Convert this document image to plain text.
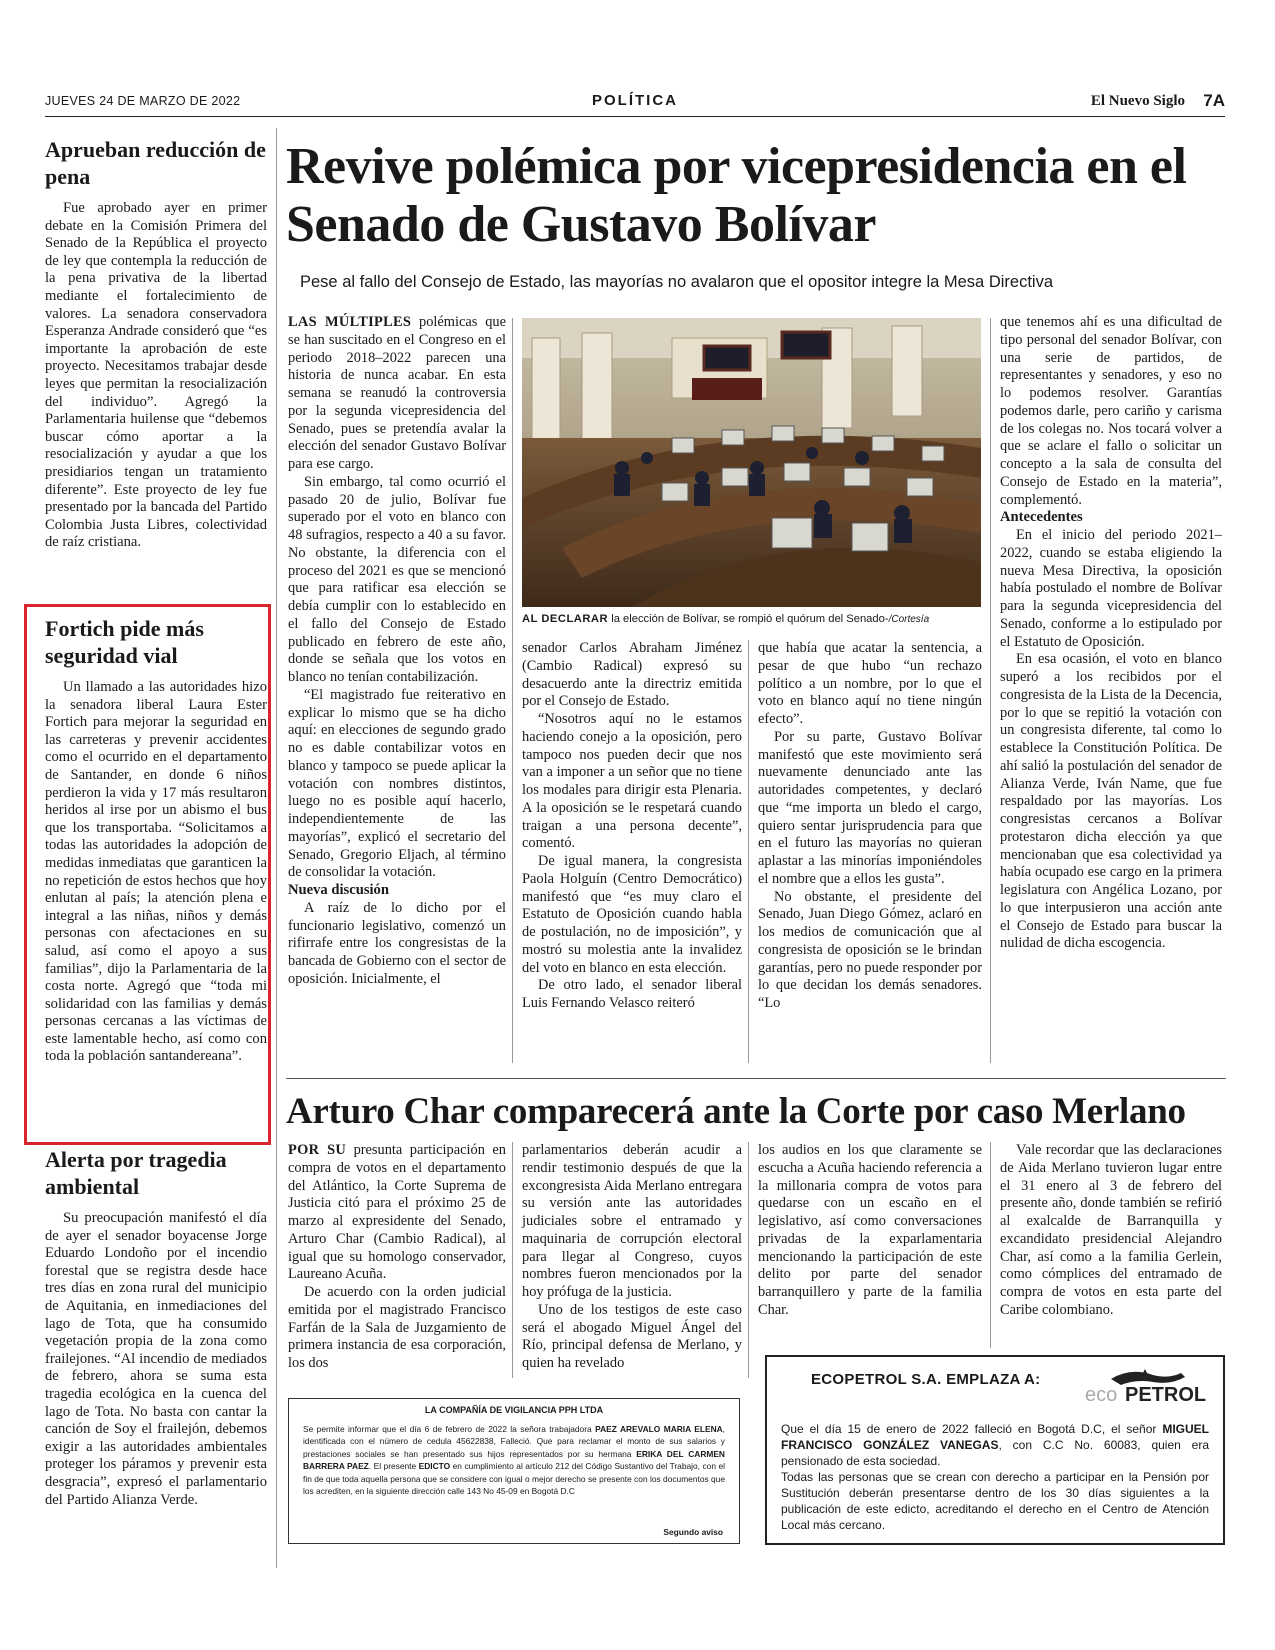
JUEVES 24 DE MARZO DE 2022	POLÍTICA	El Nuevo Siglo 7A
Aprueban reducción de pena

Fue aprobado ayer en primer debate en la Comisión Primera del Senado de la República el proyecto de ley que contempla la reducción de la pena privativa de la libertad mediante el fortalecimiento de valores. La senadora conservadora Esperanza Andrade consideró que “es importante la aprobación de este proyecto. Necesitamos trabajar desde leyes que permitan la resocialización del individuo”. Agregó la Parlamentaria huilense que “debemos buscar cómo aportar a la resocialización y ayudar a que los presidiarios tengan un tratamiento diferente”. Este proyecto de ley fue presentado por la bancada del Partido Colombia Justa Libres, colectividad de raíz cristiana.

Fortich pide más seguridad vial

Un llamado a las autoridades hizo la senadora liberal Laura Ester Fortich para mejorar la seguridad en las carreteras y prevenir accidentes como el ocurrido en el departamento de Santander, en donde 6 niños perdieron la vida y 17 más resultaron heridos al irse por un abismo el bus que los transportaba. “Solicitamos a todas las autoridades la adopción de medidas inmediatas que garanticen la no repetición de estos hechos que hoy enlutan al país; la atención plena e integral a las niñas, niños y demás personas con afectaciones en su salud, así como el apoyo a sus familias”, dijo la Parlamentaria de la costa norte. Agregó que “toda mi solidaridad con las familias y demás personas cercanas a las víctimas de este lamentable hecho, así como con toda la población santandereana”.

Alerta por tragedia ambiental

Su preocupación manifestó el día de ayer el senador boyacense Jorge Eduardo Londoño por el incendio forestal que se registra desde hace tres días en zona rural del municipio de Aquitania, en inmediaciones del lago de Tota, que ha consumido vegetación propia de la zona como frailejones. “Al incendio de mediados de febrero, ahora se suma esta tragedia ecológica en la cuenca del lago de Tota. No basta con cantar la canción de Soy el frailejón, debemos exigir a las autoridades ambientales proteger los páramos y prevenir esta desgracia”, expresó el parlamentario del Partido Alianza Verde.

Revive polémica por vicepresidencia en el Senado de Gustavo Bolívar

Pese al fallo del Consejo de Estado, las mayorías no avalaron que el opositor integre la Mesa Directiva

LAS MÚLTIPLES polémicas que se han suscitado en el Congreso en el periodo 2018–2022 parecen una historia de nunca acabar. En esta semana se reanudó la controversia por la segunda vicepresidencia del Senado, pues se pretendía avalar la elección del senador Gustavo Bolívar para ese cargo.

Sin embargo, tal como ocurrió el pasado 20 de julio, Bolívar fue superado por el voto en blanco con 48 sufragios, respecto a 40 a su favor. No obstante, la diferencia con el proceso del 2021 es que se mencionó que para ratificar esa elección se debía cumplir con lo establecido en el fallo del Consejo de Estado publicado en febrero de este año, donde se señala que los votos en blanco no tenían contabilización.

“El magistrado fue reiterativo en explicar lo mismo que se ha dicho aquí: en elecciones de segundo grado no es dable contabilizar votos en blanco y tampoco se puede aplicar la votación con nombres distintos, luego no es posible aquí hacerlo, independientemente de las mayorías”, explicó el secretario del Senado, Gregorio Eljach, al término de consolidar la votación.

Nueva discusión

A raíz de lo dicho por el funcionario legislativo, comenzó un rifirrafe entre los congresistas de la bancada de Gobierno con el sector de oposición. Inicialmente, el

AL DECLARAR la elección de Bolívar, se rompió el quórum del Senado-/Cortesía

senador Carlos Abraham Jiménez (Cambio Radical) expresó su desacuerdo ante la directriz emitida por el Consejo de Estado.

“Nosotros aquí no le estamos haciendo conejo a la oposición, pero tampoco nos pueden decir que nos van a imponer a un señor que no tiene los modales para dirigir esta Plenaria. A la oposición se le respetará cuando traigan a una persona decente”, comentó.

De igual manera, la congresista Paola Holguín (Centro Democrático) manifestó que “es muy claro el Estatuto de Oposición cuando habla de postulación, no de imposición”, y mostró su molestia ante la invalidez del voto en blanco en esta elección.

De otro lado, el senador liberal Luis Fernando Velasco reiteró

que había que acatar la sentencia, a pesar de que hubo “un rechazo político a un nombre, por lo que el voto en blanco aquí no tiene ningún efecto”.

Por su parte, Gustavo Bolívar manifestó que este movimiento será nuevamente denunciado ante las autoridades competentes, y declaró que “me importa un bledo el cargo, quiero sentar jurisprudencia para que en el futuro las mayorías no quieran aplastar a las minorías imponiéndoles el nombre que a ellos les gusta”.

No obstante, el presidente del Senado, Juan Diego Gómez, aclaró en los medios de comunicación que al congresista de oposición se le brindan garantías, pero no puede responder por lo que decidan los demás senadores. “Lo

que tenemos ahí es una dificultad de tipo personal del senador Bolívar, con una serie de partidos, de representantes y senadores, y eso no lo podemos resolver. Garantías podemos darle, pero cariño y carisma de los colegas no. Nos tocará volver a que se aclare el fallo o solicitar un concepto a la sala de consulta del Consejo de Estado en la materia”, complementó.

Antecedentes

En el inicio del periodo 2021–2022, cuando se estaba eligiendo la nueva Mesa Directiva, la oposición había postulado el nombre de Bolívar para la segunda vicepresidencia del Senado, conforme a lo estipulado por el Estatuto de Oposición.

En esa ocasión, el voto en blanco superó a los recibidos por el congresista de la Lista de la Decencia, por lo que se repitió la votación con un congresista diferente, tal como lo establece la Constitución Política. De ahí salió la postulación del senador de Alianza Verde, Iván Name, que fue respaldado por las mayorías. Los congresistas cercanos a Bolívar protestaron dicha elección ya que mencionaban que esa colectividad ya había ocupado ese cargo en la primera legislatura con Angélica Lozano, por lo que interpusieron una acción ante el Consejo de Estado para buscar la nulidad de dicha escogencia.

Arturo Char comparecerá ante la Corte por caso Merlano

POR SU presunta participación en compra de votos en el departamento del Atlántico, la Corte Suprema de Justicia citó para el próximo 25 de marzo al expresidente del Senado, Arturo Char (Cambio Radical), al igual que su homologo conservador, Laureano Acuña.

De acuerdo con la orden judicial emitida por el magistrado Francisco Farfán de la Sala de Juzgamiento de primera instancia de esa corporación, los dos

parlamentarios deberán acudir a rendir testimonio después de que la excongresista Aida Merlano entregara su versión ante las autoridades judiciales sobre el entramado y maquinaria de corrupción electoral para llegar al Congreso, cuyos nombres fueron mencionados por la hoy prófuga de la justicia.

Uno de los testigos de este caso será el abogado Miguel Ángel del Río, principal defensa de Merlano, y quien ha revelado

los audios en los que claramente se escucha a Acuña haciendo referencia a la millonaria compra de votos para quedarse con un escaño en el legislativo, así como conversaciones privadas de la exparlamentaria mencionando la participación de este delito por parte del senador barranquillero y parte de la familia Char.

Vale recordar que las declaraciones de Aida Merlano tuvieron lugar entre el 31 enero al 3 de febrero del presente año, donde también se refirió al exalcalde de Barranquilla y excandidato presidencial Alejandro Char, así como a la familia Gerlein, como cómplices del entramado de compra de votos en esta parte del Caribe colombiano.

LA COMPAÑÍA DE VIGILANCIA PPH LTDA
Se permite informar que el día 6 de febrero de 2022 la señora trabajadora PAEZ AREVALO MARIA ELENA, identificada con el número de cedula 45622838, Falleció. Que para reclamar el monto de sus salarios y prestaciones sociales se han presentado sus hijos representados por su hermana ERIKA DEL CARMEN BARRERA PAEZ. El presente EDICTO en cumplimiento al artículo 212 del Código Sustantivo del Trabajo, con el fin de que toda aquella persona que se considere con igual o mejor derecho se presente con los documentos que los acrediten, en la siguiente dirección calle 143 No 45-09 en Bogotá D.C
Segundo aviso
ECOPETROL S.A. EMPLAZA A:
eco PETROL

Que el día 15 de enero de 2022 falleció en Bogotá D.C, el señor MIGUEL FRANCISCO GONZÁLEZ VANEGAS, con C.C No. 60083, quien era pensionado de esta sociedad.

Todas las personas que se crean con derecho a participar en la Pensión por Sustitución deberán presentarse dentro de los 30 días siguientes a la publicación de este edicto, acreditando el derecho en el Centro de Atención Local más cercano.
